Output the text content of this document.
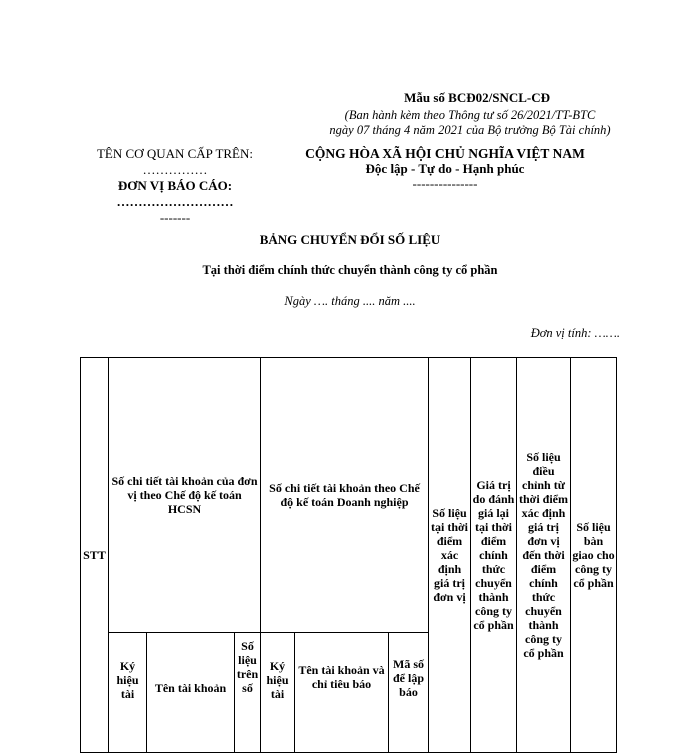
Mẫu số BCĐ02/SNCL-CĐ
(Ban hành kèm theo Thông tư số 26/2021/TT-BTC
ngày 07 tháng 4 năm 2021 của Bộ trưởng Bộ Tài chính)
TÊN CƠ QUAN CẤP TRÊN:
……………
ĐƠN VỊ BÁO CÁO:
………………………
-------
CỘNG HÒA XÃ HỘI CHỦ NGHĨA VIỆT NAM
Độc lập - Tự do - Hạnh phúc
---------------
BẢNG CHUYỂN ĐỔI SỐ LIỆU
Tại thời điểm chính thức chuyển thành công ty cổ phần
Ngày …. tháng .... năm ....
Đơn vị tính: …….
STT	Số chi tiết tài khoản của đơn vị theo Chế độ kế toán HCSN			Số chi tiết tài khoản theo Chế độ kế toán Doanh nghiệp			Số liệu tại thời điểm xác định giá trị đơn vị	Giá trị do đánh giá lại tại thời điểm chính thức chuyển thành công ty cổ phần	Số liệu điều chỉnh từ thời điểm xác định giá trị đơn vị đến thời điểm chính thức chuyển thành công ty cổ phần	Số liệu bàn giao cho công ty cổ phần
	Ký hiệu tài	Tên tài khoản	Số liệu trên số	Ký hiệu tài	Tên tài khoản và chỉ tiêu báo	Mã số để lập báo				
